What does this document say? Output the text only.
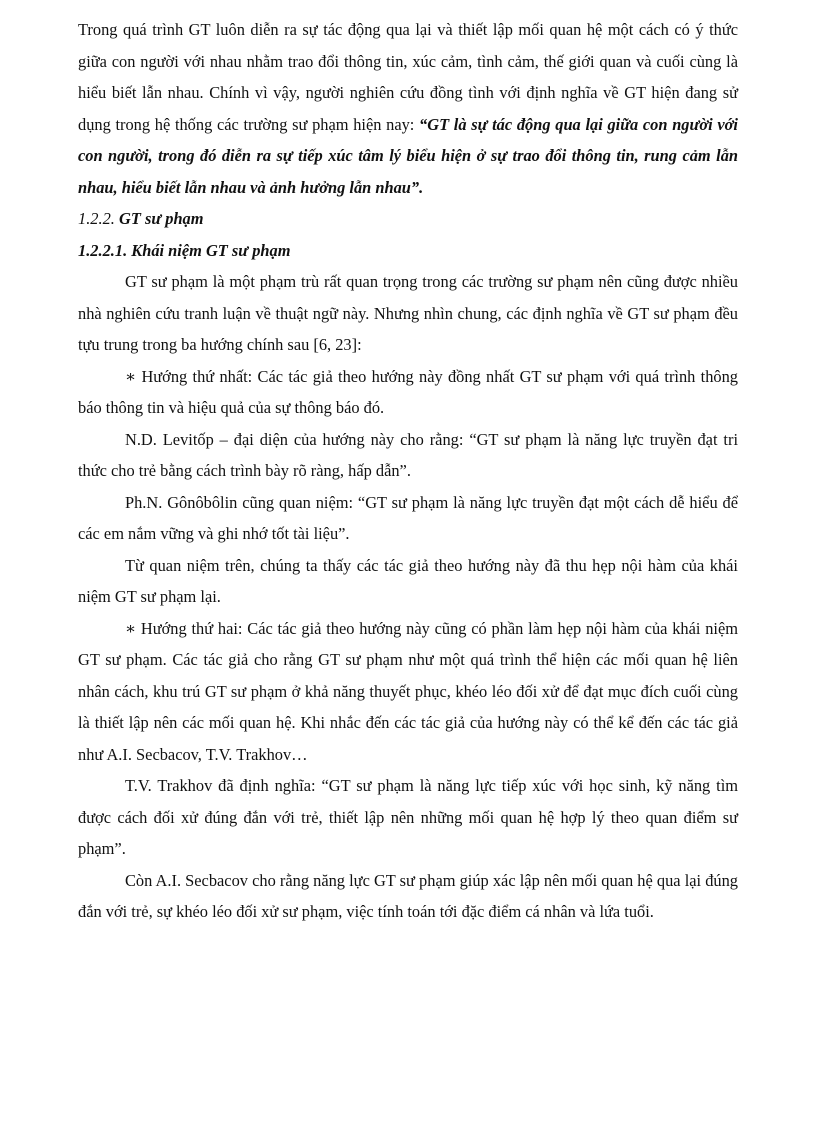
Trong quá trình GT luôn diễn ra sự tác động qua lại và thiết lập mối quan hệ một cách có ý thức giữa con người với nhau nhằm trao đổi thông tin, xúc cảm, tình cảm, thế giới quan và cuối cùng là hiểu biết lẫn nhau. Chính vì vậy, người nghiên cứu đồng tình với định nghĩa về GT hiện đang sử dụng trong hệ thống các trường sư phạm hiện nay: “GT là sự tác động qua lại giữa con người với con người, trong đó diễn ra sự tiếp xúc tâm lý biểu hiện ở sự trao đổi thông tin, rung cảm lẫn nhau, hiểu biết lẫn nhau và ảnh hưởng lẫn nhau”.

1.2.2. GT sư phạm

1.2.2.1. Khái niệm GT sư phạm

GT sư phạm là một phạm trù rất quan trọng trong các trường sư phạm nên cũng được nhiều nhà nghiên cứu tranh luận về thuật ngữ này. Nhưng nhìn chung, các định nghĩa về GT sư phạm đều tựu trung trong ba hướng chính sau [6, 23]:

∗ Hướng thứ nhất: Các tác giả theo hướng này đồng nhất GT sư phạm với quá trình thông báo thông tin và hiệu quả của sự thông báo đó.

N.D. Levitốp – đại diện của hướng này cho rằng: “GT sư phạm là năng lực truyền đạt tri thức cho trẻ bằng cách trình bày rõ ràng, hấp dẫn”.

Ph.N. Gônôbôlin cũng quan niệm: “GT sư phạm là năng lực truyền đạt một cách dễ hiểu để các em nắm vững và ghi nhớ tốt tài liệu”.

Từ quan niệm trên, chúng ta thấy các tác giả theo hướng này đã thu hẹp nội hàm của khái niệm GT sư phạm lại.

∗ Hướng thứ hai: Các tác giả theo hướng này cũng có phần làm hẹp nội hàm của khái niệm GT sư phạm. Các tác giả cho rằng GT sư phạm như một quá trình thể hiện các mối quan hệ liên nhân cách, khu trú GT sư phạm ở khả năng thuyết phục, khéo léo đối xử để đạt mục đích cuối cùng là thiết lập nên các mối quan hệ. Khi nhắc đến các tác giả của hướng này có thể kể đến các tác giả như A.I. Secbacov, T.V. Trakhov…

T.V. Trakhov đã định nghĩa: “GT sư phạm là năng lực tiếp xúc với học sinh, kỹ năng tìm được cách đối xử đúng đắn với trẻ, thiết lập nên những mối quan hệ hợp lý theo quan điểm sư phạm”.

Còn A.I. Secbacov cho rằng năng lực GT sư phạm giúp xác lập nên mối quan hệ qua lại đúng đắn với trẻ, sự khéo léo đối xử sư phạm, việc tính toán tới đặc điểm cá nhân và lứa tuổi.
